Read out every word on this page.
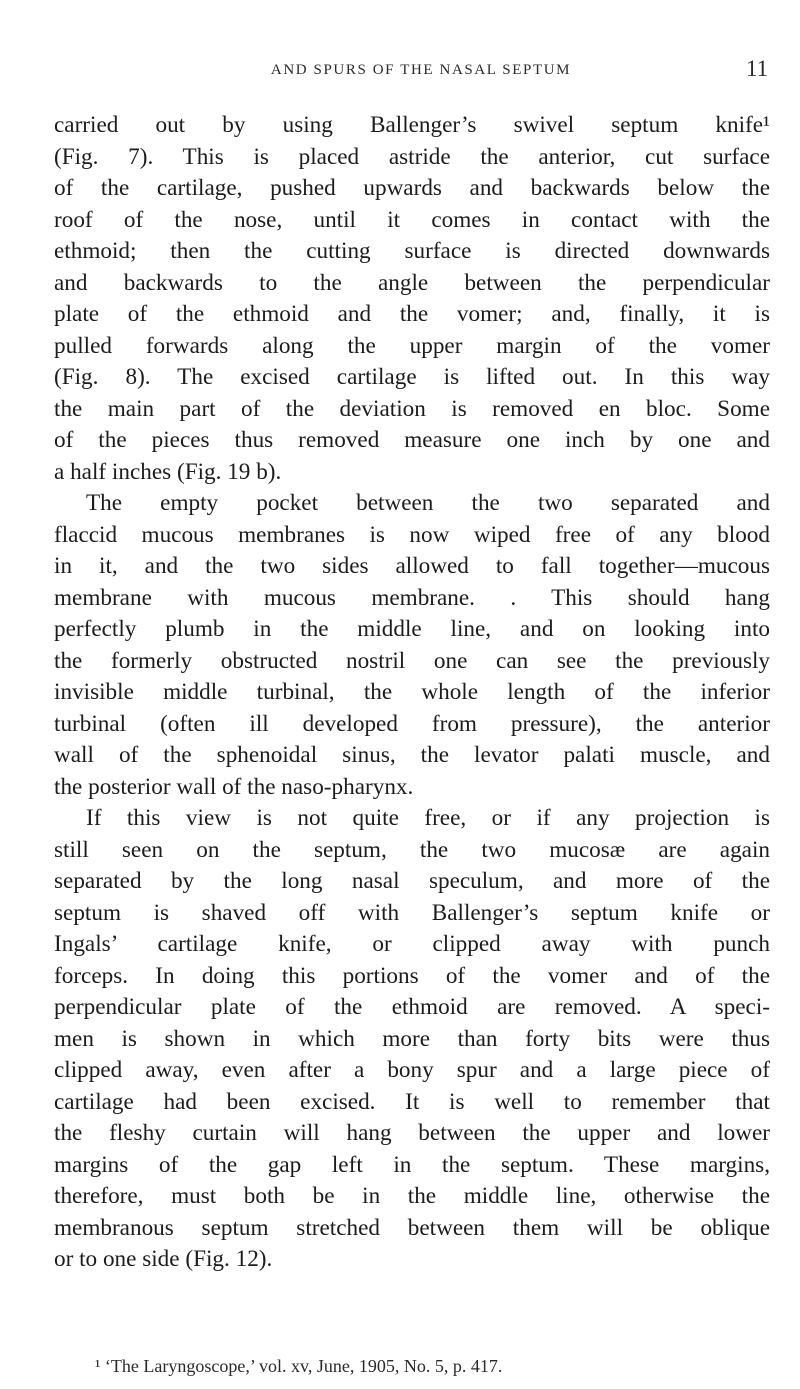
AND SPURS OF THE NASAL SEPTUM	11
carried out by using Ballenger’s swivel septum knife¹
(Fig. 7). This is placed astride the anterior, cut surface
of the cartilage, pushed upwards and backwards below the
roof of the nose, until it comes in contact with the
ethmoid; then the cutting surface is directed downwards
and backwards to the angle between the perpendicular
plate of the ethmoid and the vomer; and, finally, it is
pulled forwards along the upper margin of the vomer
(Fig. 8). The excised cartilage is lifted out. In this way
the main part of the deviation is removed en bloc. Some
of the pieces thus removed measure one inch by one and
a half inches (Fig. 19 b).
The empty pocket between the two separated and
flaccid mucous membranes is now wiped free of any blood
in it, and the two sides allowed to fall together—mucous
membrane with mucous membrane. . This should hang
perfectly plumb in the middle line, and on looking into
the formerly obstructed nostril one can see the previously
invisible middle turbinal, the whole length of the inferior
turbinal (often ill developed from pressure), the anterior
wall of the sphenoidal sinus, the levator palati muscle, and
the posterior wall of the naso-pharynx.
If this view is not quite free, or if any projection is
still seen on the septum, the two mucosæ are again
separated by the long nasal speculum, and more of the
septum is shaved off with Ballenger’s septum knife or
Ingals’ cartilage knife, or clipped away with punch
forceps. In doing this portions of the vomer and of the
perpendicular plate of the ethmoid are removed. A speci-
men is shown in which more than forty bits were thus
clipped away, even after a bony spur and a large piece of
cartilage had been excised. It is well to remember that
the fleshy curtain will hang between the upper and lower
margins of the gap left in the septum. These margins,
therefore, must both be in the middle line, otherwise the
membranous septum stretched between them will be oblique
or to one side (Fig. 12).
¹ ‘The Laryngoscope,’ vol. xv, June, 1905, No. 5, p. 417.
